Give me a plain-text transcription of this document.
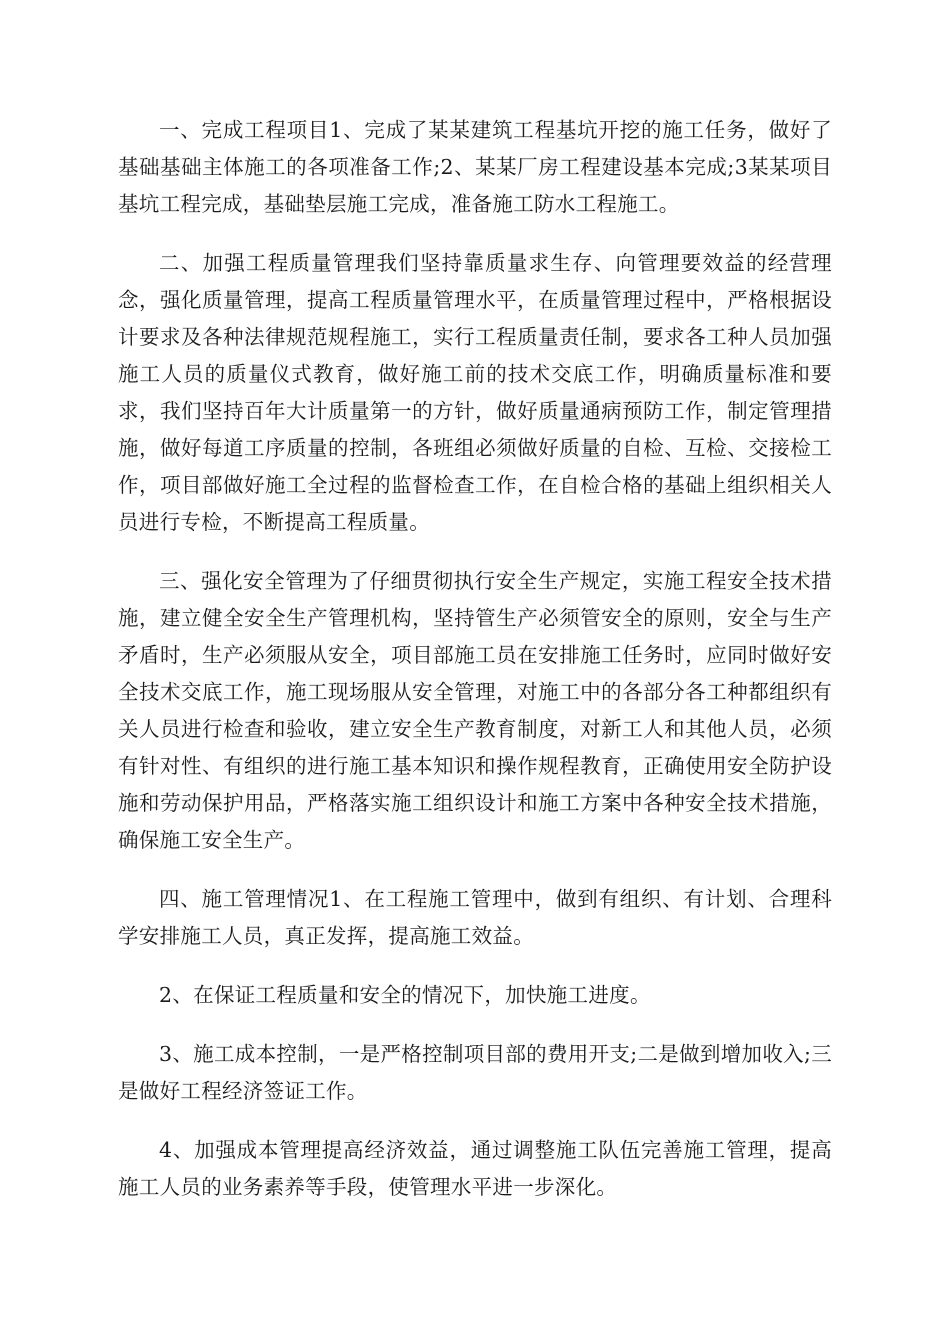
一、完成工程项目1、完成了某某建筑工程基坑开挖的施工任务，做好了基础基础主体施工的各项准备工作;2、某某厂房工程建设基本完成;3某某项目基坑工程完成，基础垫层施工完成，准备施工防水工程施工。

二、加强工程质量管理我们坚持靠质量求生存、向管理要效益的经营理念，强化质量管理，提高工程质量管理水平，在质量管理过程中，严格根据设计要求及各种法律规范规程施工，实行工程质量责任制，要求各工种人员加强施工人员的质量仪式教育，做好施工前的技术交底工作，明确质量标准和要求，我们坚持百年大计质量第一的方针，做好质量通病预防工作，制定管理措施，做好每道工序质量的控制，各班组必须做好质量的自检、互检、交接检工作，项目部做好施工全过程的监督检查工作，在自检合格的基础上组织相关人员进行专检，不断提高工程质量。

三、强化安全管理为了仔细贯彻执行安全生产规定，实施工程安全技术措施，建立健全安全生产管理机构，坚持管生产必须管安全的原则，安全与生产矛盾时，生产必须服从安全，项目部施工员在安排施工任务时，应同时做好安全技术交底工作，施工现场服从安全管理，对施工中的各部分各工种都组织有关人员进行检查和验收，建立安全生产教育制度，对新工人和其他人员，必须有针对性、有组织的进行施工基本知识和操作规程教育，正确使用安全防护设施和劳动保护用品，严格落实施工组织设计和施工方案中各种安全技术措施，确保施工安全生产。

四、施工管理情况1、在工程施工管理中，做到有组织、有计划、合理科学安排施工人员，真正发挥，提高施工效益。

2、在保证工程质量和安全的情况下，加快施工进度。

3、施工成本控制，一是严格控制项目部的费用开支;二是做到增加收入;三是做好工程经济签证工作。

4、加强成本管理提高经济效益，通过调整施工队伍完善施工管理，提高施工人员的业务素养等手段，使管理水平进一步深化。
